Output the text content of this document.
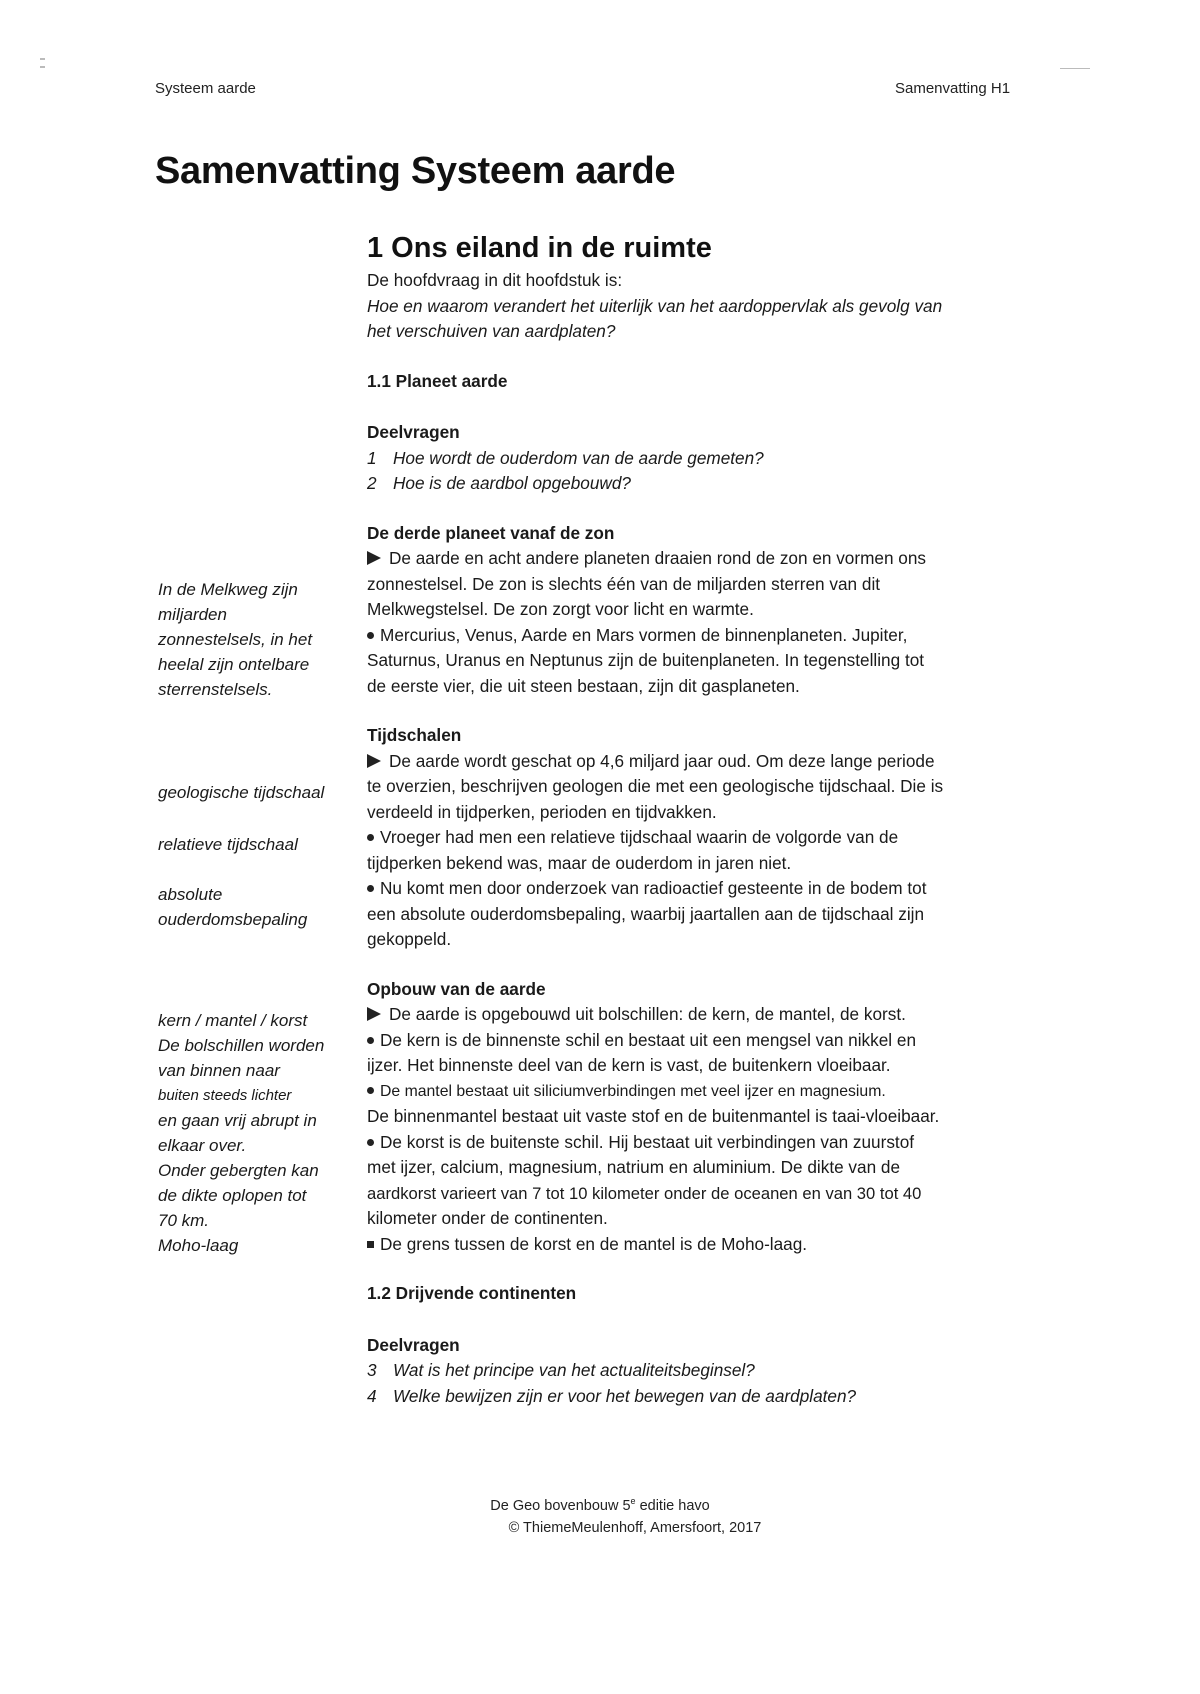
Systeem aarde	Samenvatting H1
Samenvatting Systeem aarde
1 Ons eiland in de ruimte

De hoofdvraag in dit hoofdstuk is:

Hoe en waarom verandert het uiterlijk van het aardoppervlak als gevolg van

het verschuiven van aardplaten?

1.1 Planeet aarde

Deelvragen

1 Hoe wordt de ouderdom van de aarde gemeten?

2 Hoe is de aardbol opgebouwd?

De derde planeet vanaf de zon

De aarde en acht andere planeten draaien rond de zon en vormen ons

zonnestelsel. De zon is slechts één van de miljarden sterren van dit

Melkwegstelsel. De zon zorgt voor licht en warmte.

Mercurius, Venus, Aarde en Mars vormen de binnenplaneten. Jupiter,

Saturnus, Uranus en Neptunus zijn de buitenplaneten. In tegenstelling tot

de eerste vier, die uit steen bestaan, zijn dit gasplaneten.

Tijdschalen

De aarde wordt geschat op 4,6 miljard jaar oud. Om deze lange periode

te overzien, beschrijven geologen die met een geologische tijdschaal. Die is

verdeeld in tijdperken, perioden en tijdvakken.

Vroeger had men een relatieve tijdschaal waarin de volgorde van de

tijdperken bekend was, maar de ouderdom in jaren niet.

Nu komt men door onderzoek van radioactief gesteente in de bodem tot

een absolute ouderdomsbepaling, waarbij jaartallen aan de tijdschaal zijn

gekoppeld.

Opbouw van de aarde

De aarde is opgebouwd uit bolschillen: de kern, de mantel, de korst.

De kern is de binnenste schil en bestaat uit een mengsel van nikkel en

ijzer. Het binnenste deel van de kern is vast, de buitenkern vloeibaar.

De mantel bestaat uit siliciumverbindingen met veel ijzer en magnesium.

De binnenmantel bestaat uit vaste stof en de buitenmantel is taai-vloeibaar.

De korst is de buitenste schil. Hij bestaat uit verbindingen van zuurstof

met ijzer, calcium, magnesium, natrium en aluminium. De dikte van de

aardkorst varieert van 7 tot 10 kilometer onder de oceanen en van 30 tot 40

kilometer onder de continenten.

De grens tussen de korst en de mantel is de Moho-laag.

1.2 Drijvende continenten

Deelvragen

3 Wat is het principe van het actualiteitsbeginsel?

4 Welke bewijzen zijn er voor het bewegen van de aardplaten?

In de Melkweg zijn

miljarden

zonnestelsels, in het

heelal zijn ontelbare

sterrenstelsels.

geologische tijdschaal

relatieve tijdschaal

absolute

ouderdomsbepaling

kern / mantel / korst

De bolschillen worden

van binnen naar

buiten steeds lichter

en gaan vrij abrupt in

elkaar over.

Onder gebergten kan

de dikte oplopen tot

70 km.

Moho-laag

De Geo bovenbouw 5e editie havo

© ThiemeMeulenhoff, Amersfoort, 2017
